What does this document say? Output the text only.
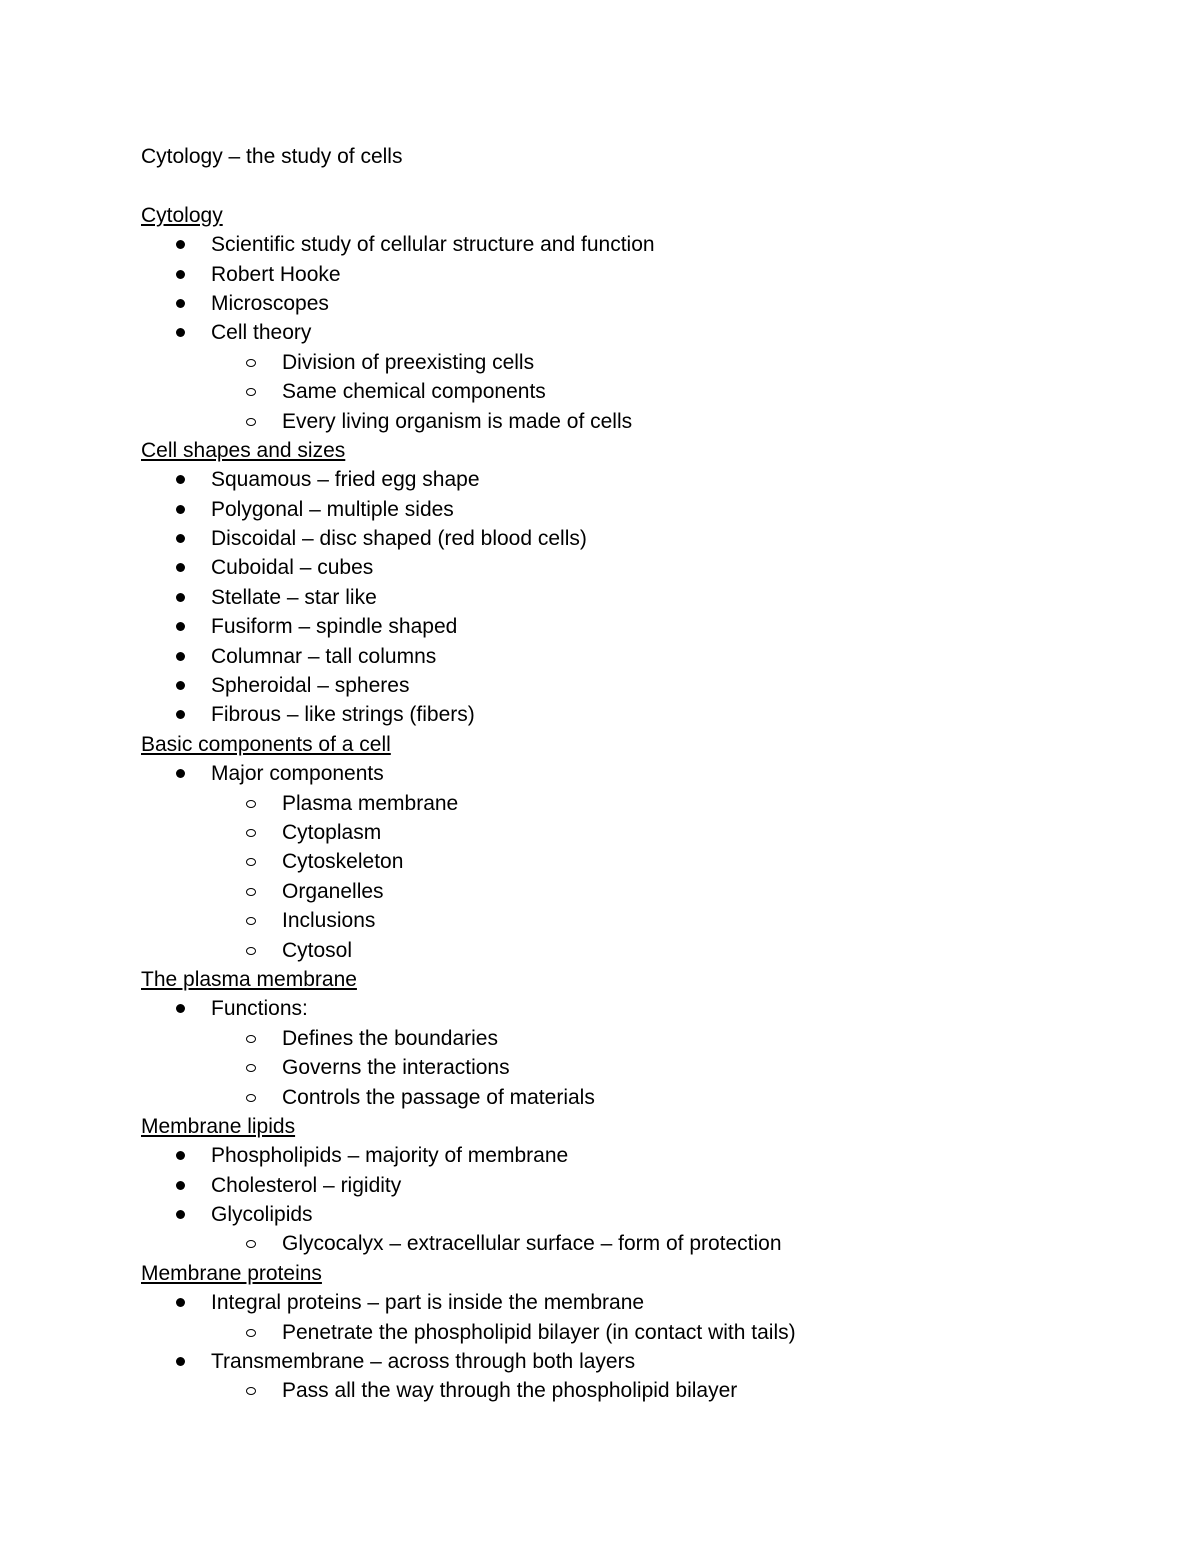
Cytology – the study of cells
Cytology
Scientific study of cellular structure and function
Robert Hooke
Microscopes
Cell theory
Division of preexisting cells
Same chemical components
Every living organism is made of cells
Cell shapes and sizes
Squamous – fried egg shape
Polygonal – multiple sides
Discoidal – disc shaped (red blood cells)
Cuboidal – cubes
Stellate – star like
Fusiform – spindle shaped
Columnar – tall columns
Spheroidal – spheres
Fibrous – like strings (fibers)
Basic components of a cell
Major components
Plasma membrane
Cytoplasm
Cytoskeleton
Organelles
Inclusions
Cytosol
The plasma membrane
Functions:
Defines the boundaries
Governs the interactions
Controls the passage of materials
Membrane lipids
Phospholipids – majority of membrane
Cholesterol – rigidity
Glycolipids
Glycocalyx – extracellular surface – form of protection
Membrane proteins
Integral proteins – part is inside the membrane
Penetrate the phospholipid bilayer (in contact with tails)
Transmembrane – across through both layers
Pass all the way through the phospholipid bilayer
